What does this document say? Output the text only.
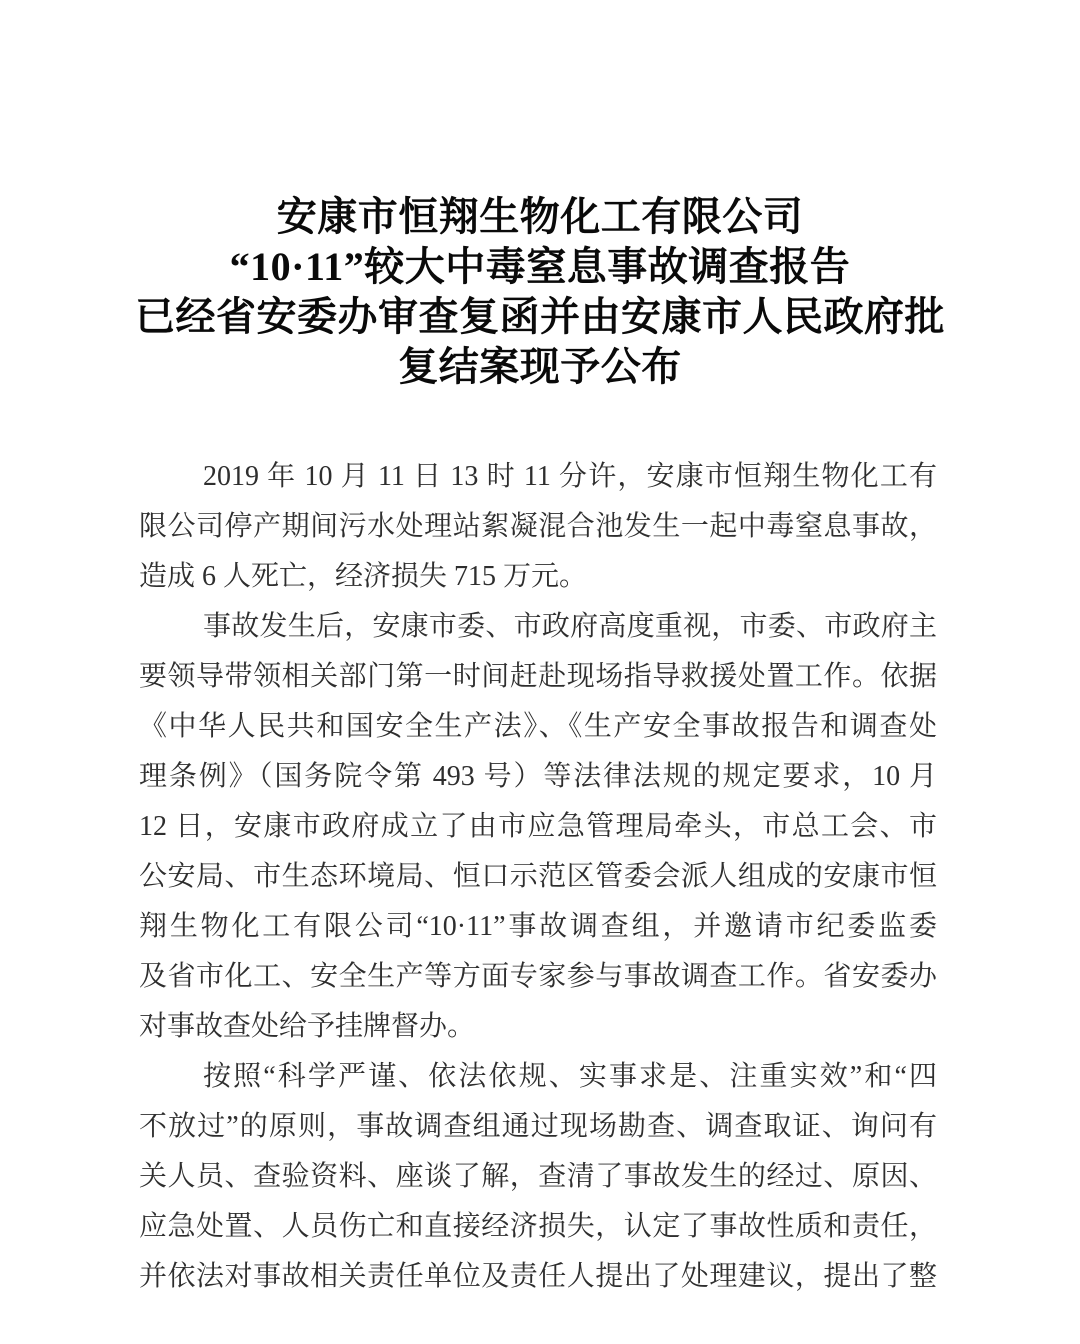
安康市恒翔生物化工有限公司
“10·11”较大中毒窒息事故调查报告
已经省安委办审查复函并由安康市人民政府批
复结案现予公布

2019 年 10 月 11 日 13 时 11 分许，安康市恒翔生物化工有
限公司停产期间污水处理站絮凝混合池发生一起中毒窒息事故，
造成 6 人死亡，经济损失 715 万元。

事故发生后，安康市委、市政府高度重视，市委、市政府主
要领导带领相关部门第一时间赶赴现场指导救援处置工作。依据
《中华人民共和国安全生产法》、《生产安全事故报告和调查处
理条例》（国务院令第 493 号）等法律法规的规定要求，10 月
12 日，安康市政府成立了由市应急管理局牵头，市总工会、市
公安局、市生态环境局、恒口示范区管委会派人组成的安康市恒
翔生物化工有限公司“10·11”事故调查组，并邀请市纪委监委
及省市化工、安全生产等方面专家参与事故调查工作。省安委办
对事故查处给予挂牌督办。

按照“科学严谨、依法依规、实事求是、注重实效”和“四
不放过”的原则，事故调查组通过现场勘查、调查取证、询问有
关人员、查验资料、座谈了解，查清了事故发生的经过、原因、
应急处置、人员伤亡和直接经济损失，认定了事故性质和责任，
并依法对事故相关责任单位及责任人提出了处理建议，提出了整
